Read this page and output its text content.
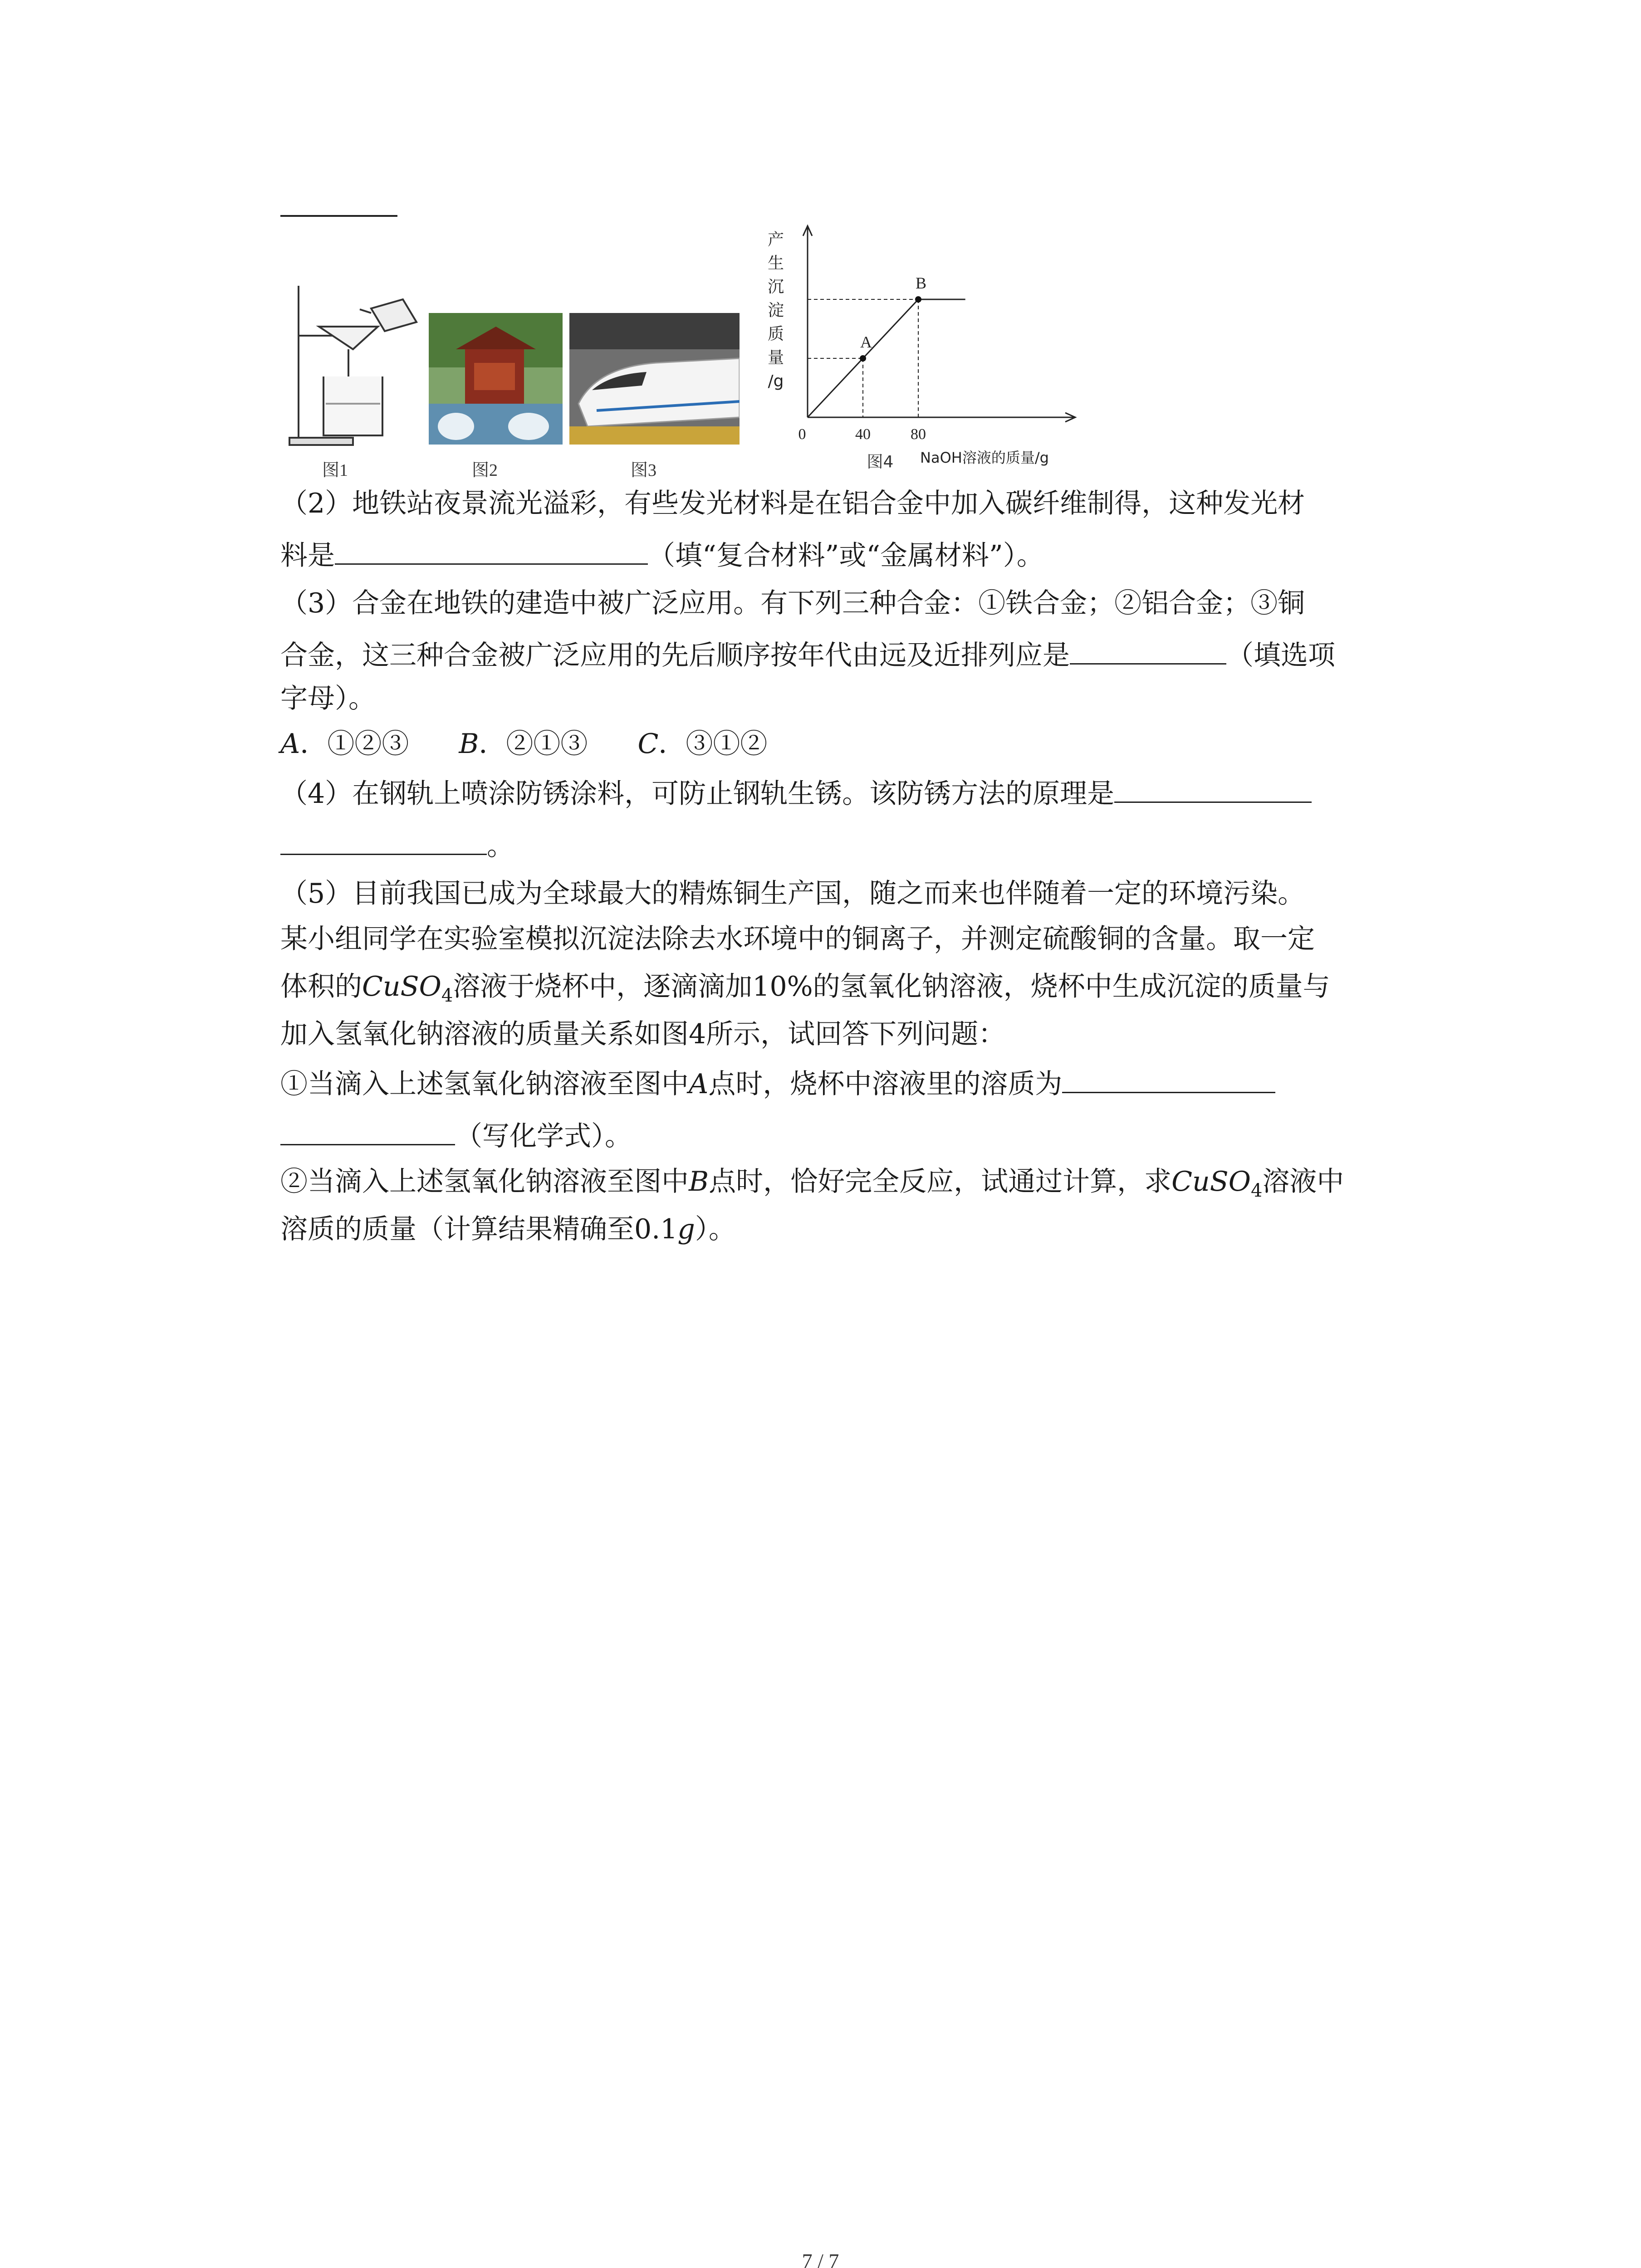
图1	图2	图3
产
生
沉
淀
质
量
/g
A
B
0	40	80
NaOH溶液的质量/g
图4
（2）地铁站夜景流光溢彩，有些发光材料是在铝合金中加入碳纤维制得，这种发光材
料是	（填“复合材料”或“金属材料”）。
（3）合金在地铁的建造中被广泛应用。有下列三种合金：①铁合金；②铝合金；③铜
合金，这三种合金被广泛应用的先后顺序按年代由远及近排列应是	（填选项
字母）。
A．①②③ B．②①③ C．③①②
（4）在钢轨上喷涂防锈涂料，可防止钢轨生锈。该防锈方法的原理是
。
（5）目前我国已成为全球最大的精炼铜生产国，随之而来也伴随着一定的环境污染。
某小组同学在实验室模拟沉淀法除去水环境中的铜离子，并测定硫酸铜的含量。取一定
体积的CuSO$_4$溶液于烧杯中，逐滴滴加10%的氢氧化钠溶液，烧杯中生成沉淀的质量与
加入氢氧化钠溶液的质量关系如图4所示，试回答下列问题：
①当滴入上述氢氧化钠溶液至图中A点时，烧杯中溶液里的溶质为
（写化学式）。
②当滴入上述氢氧化钠溶液至图中B点时，恰好完全反应，试通过计算，求CuSO$_4$溶液中
溶质的质量（计算结果精确至0.1g）。
7 / 7
